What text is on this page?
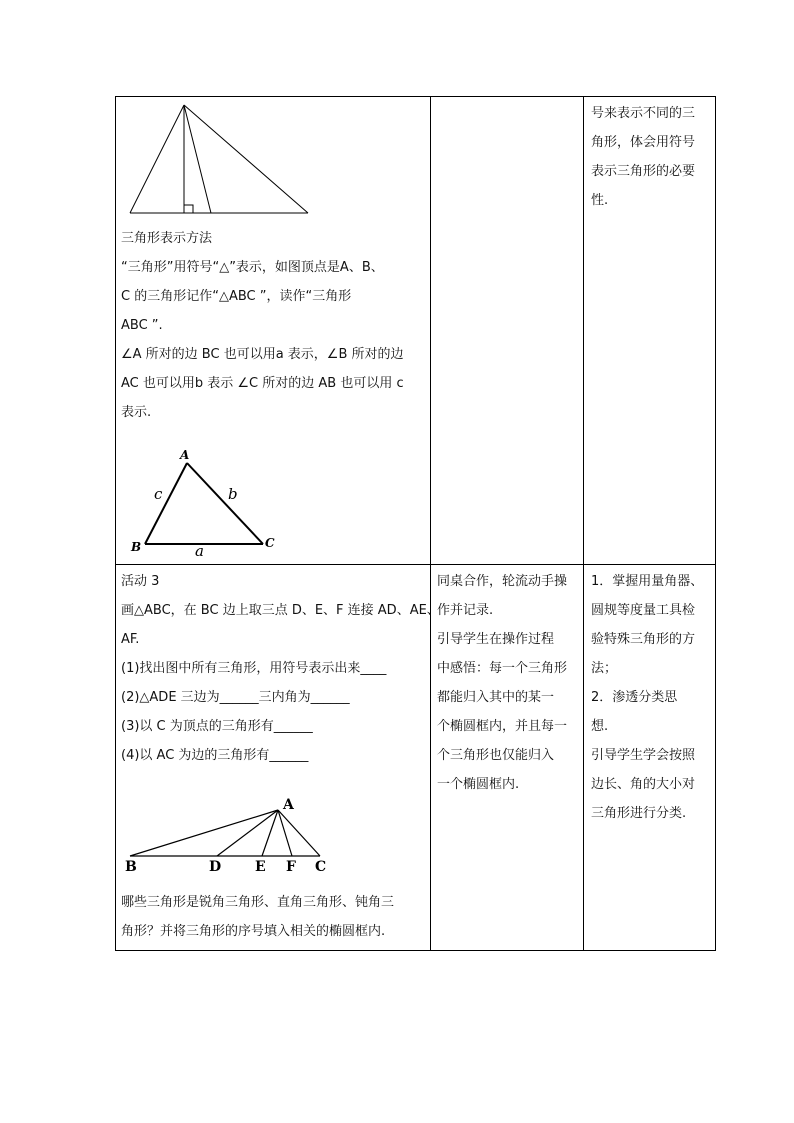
三角形表示方法

“三角形”用符号“△”表示，如图顶点是A、B、

C 的三角形记作“△ABC ”，读作“三角形

ABC ”.

∠A 所对的边 BC 也可以用a 表示，∠B 所对的边

AC 也可以用b 表示 ∠C 所对的边 AB 也可以用 c

表示.

A
B	C
a
b
c

号来表示不同的三

角形，体会用符号

表示三角形的必要

性.

活动 3

画△ABC，在 BC 边上取三点 D、E、F 连接 AD、AE、

AF.

(1)找出图中所有三角形，用符号表示出来____

(2)△ADE 三边为______三内角为______

(3)以 C 为顶点的三角形有______

(4)以 AC 为边的三角形有______

A
B	D E F C

哪些三角形是锐角三角形、直角三角形、钝角三

角形？并将三角形的序号填入相关的椭圆框内.

同桌合作，轮流动手操

作并记录.

引导学生在操作过程

中感悟：每一个三角形

都能归入其中的某一

个椭圆框内，并且每一

个三角形也仅能归入

一个椭圆框内.

1．掌握用量角器、

圆规等度量工具检

验特殊三角形的方

法；

2．渗透分类思

想.

引导学生学会按照

边长、角的大小对

三角形进行分类.
